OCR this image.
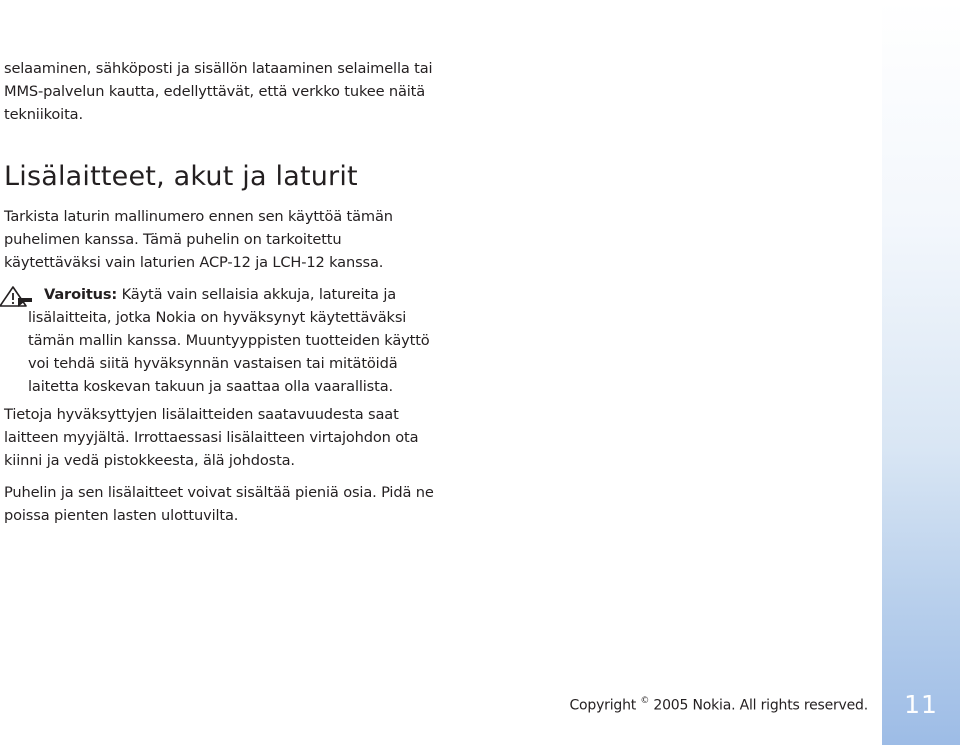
selaaminen, sähköposti ja sisällön lataaminen selaimella tai MMS-palvelun kautta, edellyttävät, että verkko tukee näitä tekniikoita.

Lisälaitteet, akut ja laturit

Tarkista laturin mallinumero ennen sen käyttöä tämän puhelimen kanssa. Tämä puhelin on tarkoitettu käytettäväksi vain laturien ACP-12 ja LCH-12 kanssa.

Varoitus: Käytä vain sellaisia akkuja, latureita ja lisälaitteita, jotka Nokia on hyväksynyt käytettäväksi tämän mallin kanssa. Muuntyyppisten tuotteiden käyttö voi tehdä siitä hyväksynnän vastaisen tai mitätöidä laitetta koskevan takuun ja saattaa olla vaarallista.

Tietoja hyväksyttyjen lisälaitteiden saatavuudesta saat laitteen myyjältä. Irrottaessasi lisälaitteen virtajohdon ota kiinni ja vedä pistokkeesta, älä johdosta.

Puhelin ja sen lisälaitteet voivat sisältää pieniä osia. Pidä ne poissa pienten lasten ulottuvilta.

Copyright © 2005 Nokia. All rights reserved.	11
